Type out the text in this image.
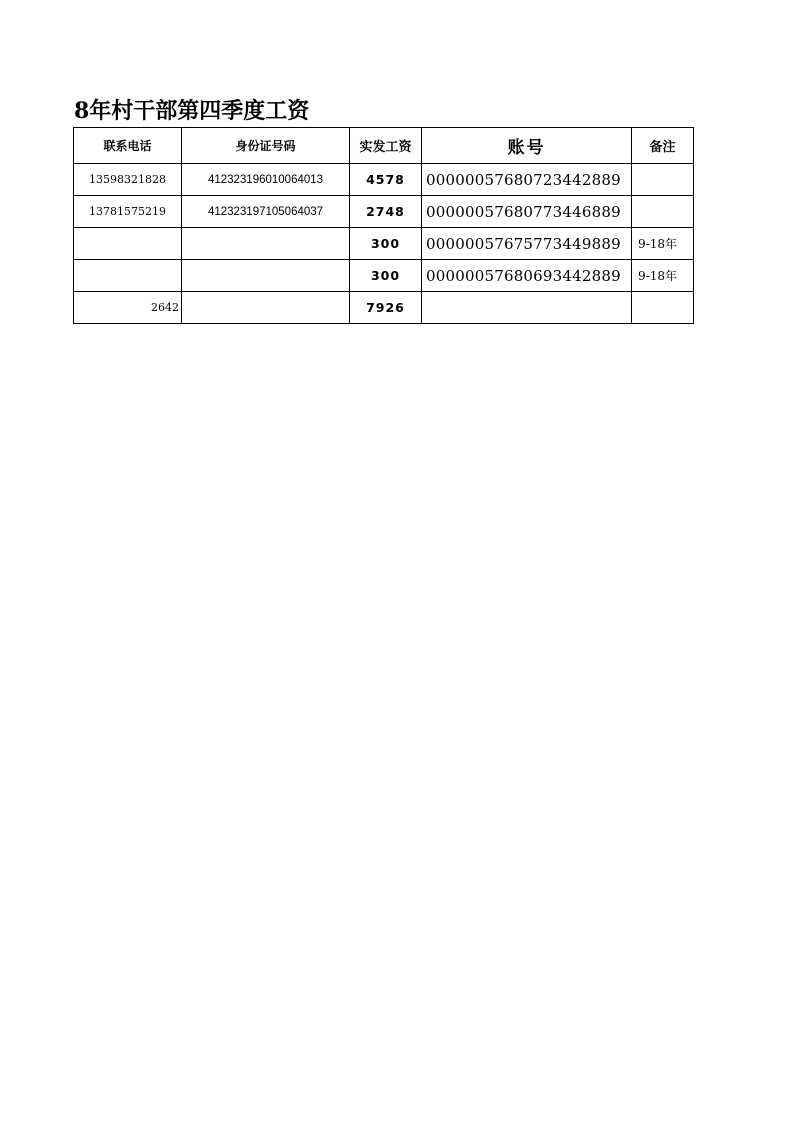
8年村干部第四季度工资
联系电话	身份证号码	实发工资	账号	备注
13598321828	412323196010064013	4578	00000057680723442889	
13781575219	412323197105064037	2748	00000057680773446889	
		300	00000057675773449889	9-18年
		300	00000057680693442889	9-18年
2642		7926		
